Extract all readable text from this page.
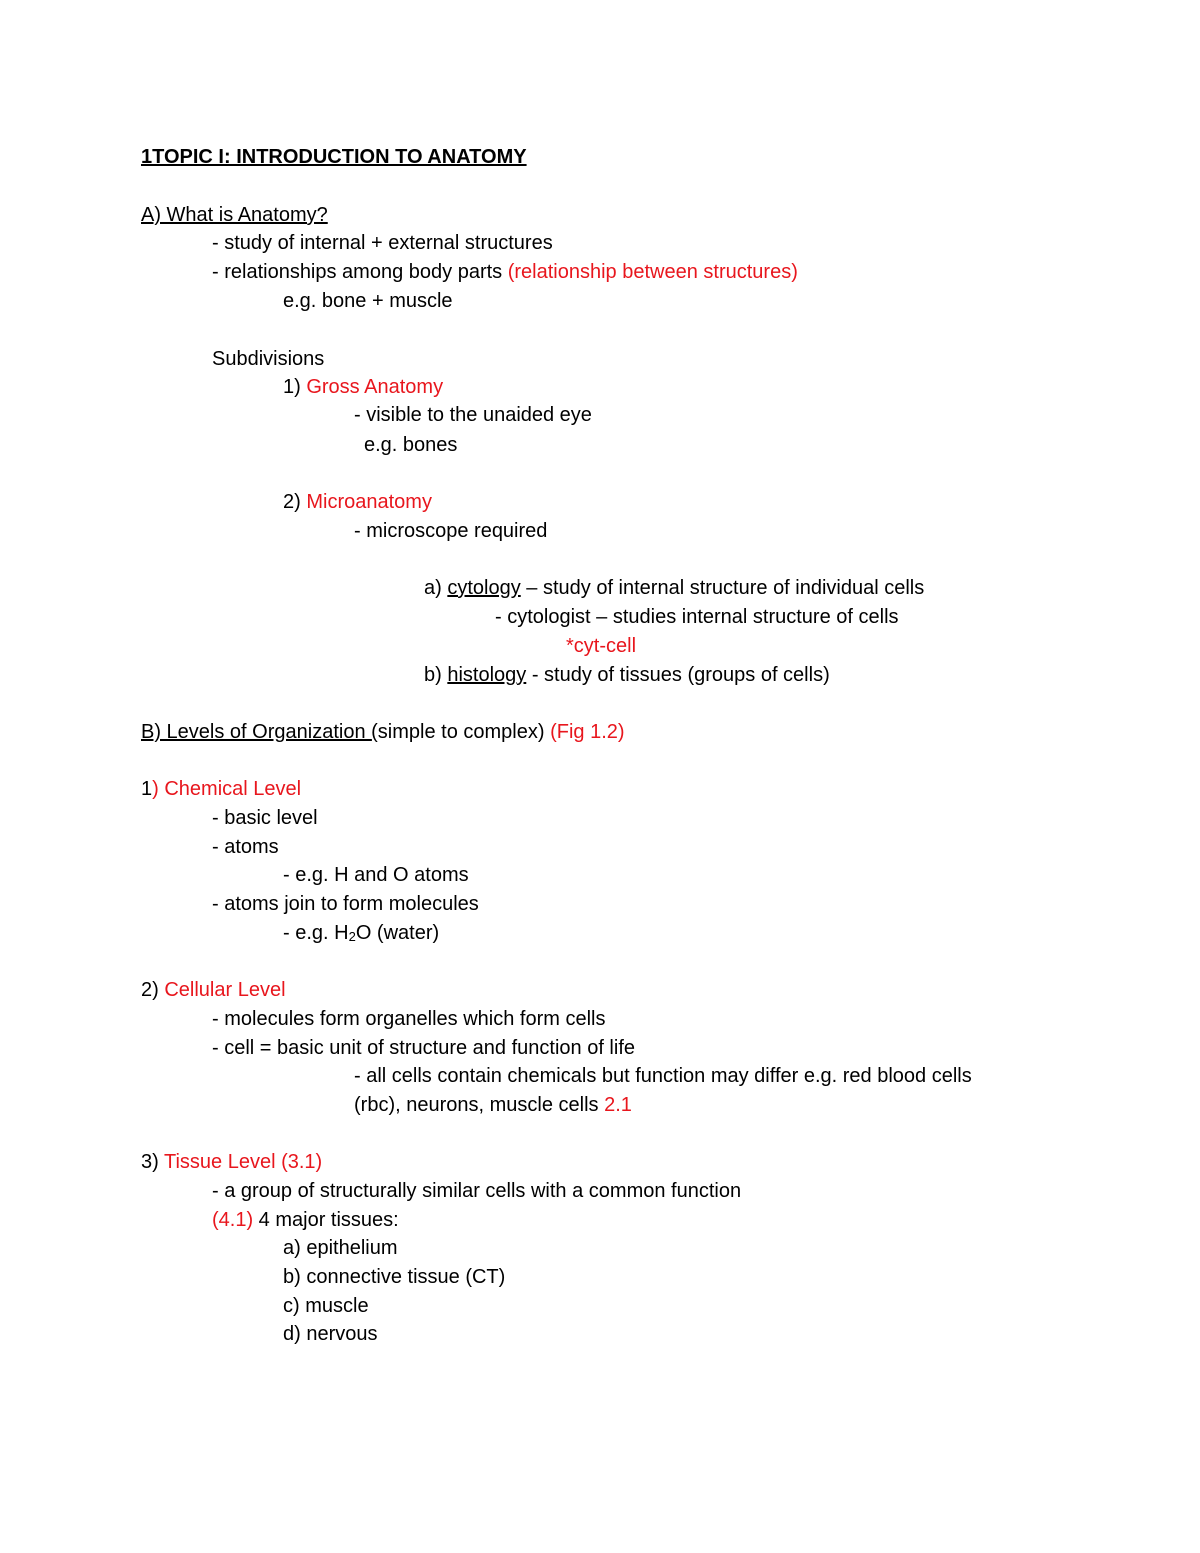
1TOPIC I: INTRODUCTION TO ANATOMY
A) What is Anatomy?
- study of internal + external structures
- relationships among body parts (relationship between structures)
e.g. bone + muscle
Subdivisions
1) Gross Anatomy
- visible to the unaided eye
e.g. bones
2) Microanatomy
- microscope required
a) cytology – study of internal structure of individual cells
- cytologist – studies internal structure of cells
*cyt-cell
b) histology - study of tissues (groups of cells)
B) Levels of Organization (simple to complex) (Fig 1.2)
1) Chemical Level
- basic level
- atoms
- e.g. H and O atoms
- atoms join to form molecules
- e.g. $H_2O$ (water)
2) Cellular Level
- molecules form organelles which form cells
- cell = basic unit of structure and function of life
- all cells contain chemicals but function may differ e.g. red blood cells
(rbc), neurons, muscle cells 2.1
3) Tissue Level (3.1)
- a group of structurally similar cells with a common function
(4.1) 4 major tissues:
a) epithelium
b) connective tissue (CT)
c) muscle
d) nervous
